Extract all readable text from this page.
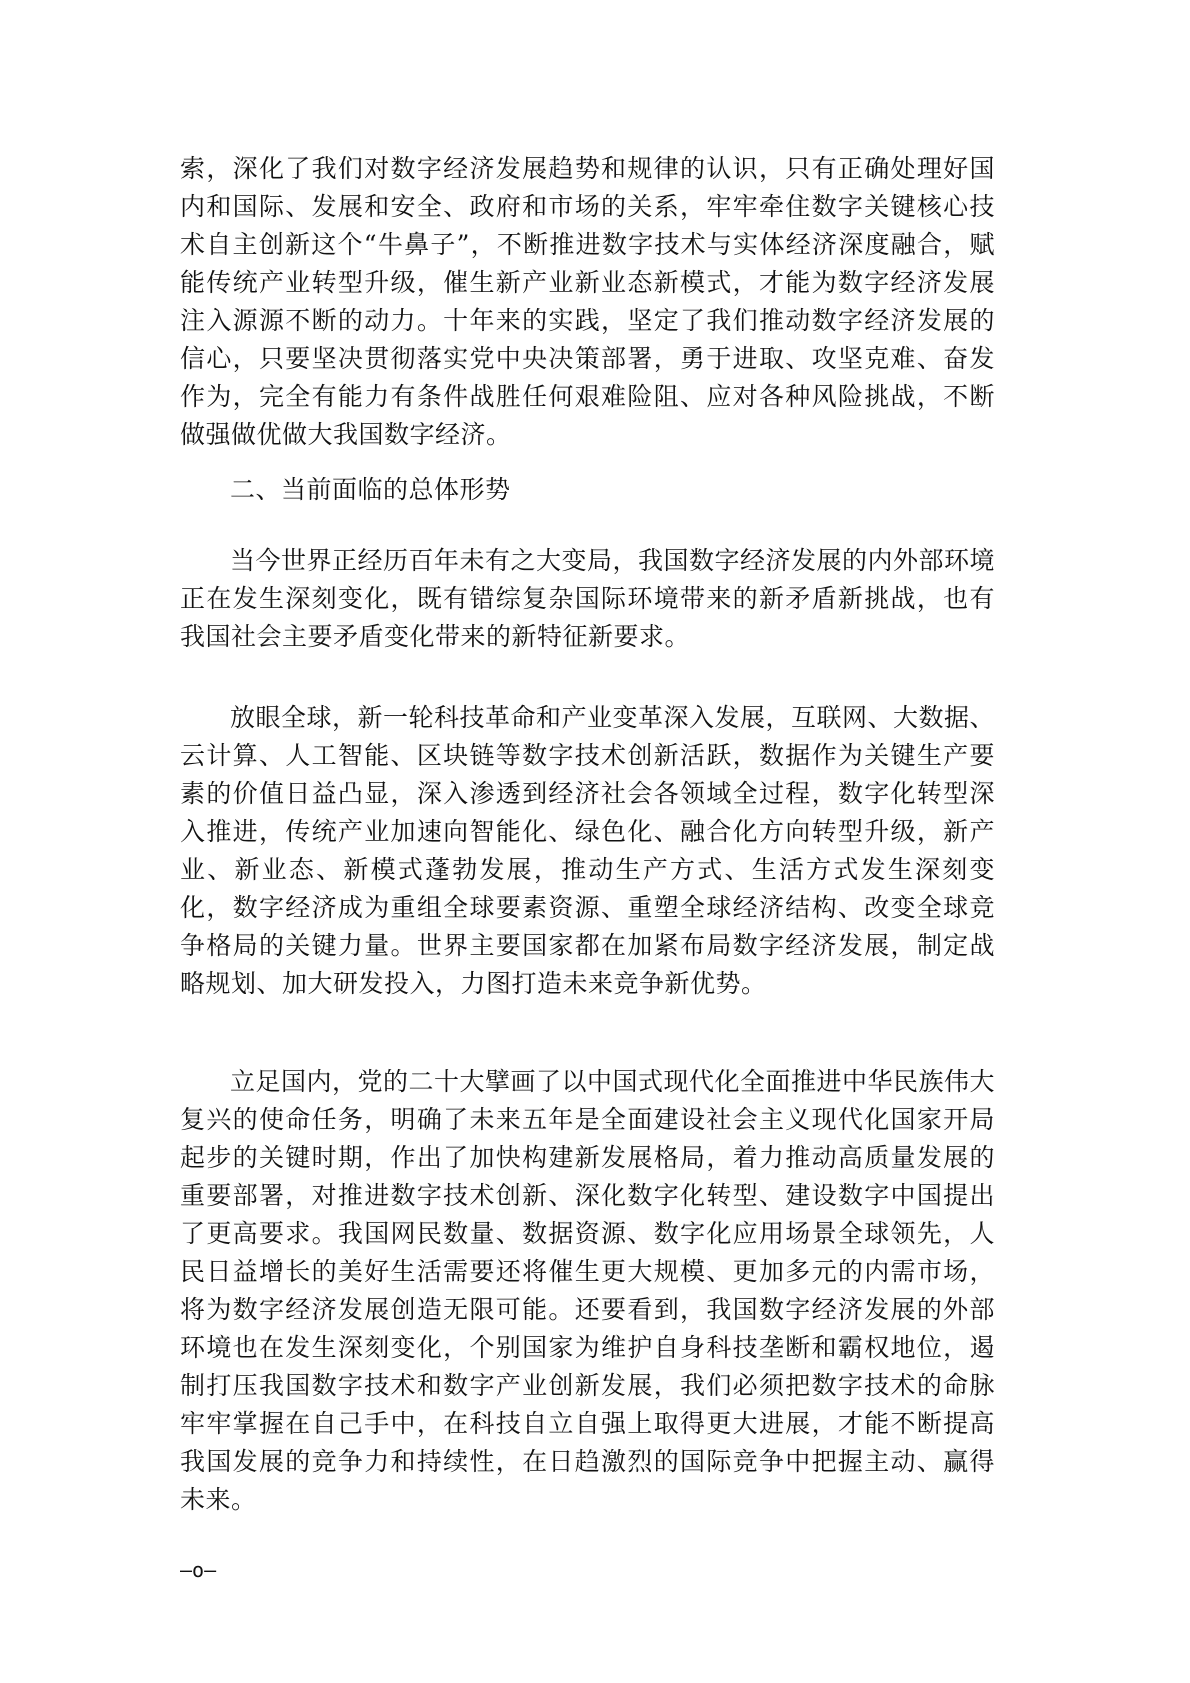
索，深化了我们对数字经济发展趋势和规律的认识，只有正确处理好国内和国际、发展和安全、政府和市场的关系，牢牢牵住数字关键核心技术自主创新这个“牛鼻子”，不断推进数字技术与实体经济深度融合，赋能传统产业转型升级，催生新产业新业态新模式，才能为数字经济发展注入源源不断的动力。十年来的实践，坚定了我们推动数字经济发展的信心，只要坚决贯彻落实党中央决策部署，勇于进取、攻坚克难、奋发作为，完全有能力有条件战胜任何艰难险阻、应对各种风险挑战，不断做强做优做大我国数字经济。

二、当前面临的总体形势

当今世界正经历百年未有之大变局，我国数字经济发展的内外部环境正在发生深刻变化，既有错综复杂国际环境带来的新矛盾新挑战，也有我国社会主要矛盾变化带来的新特征新要求。

放眼全球，新一轮科技革命和产业变革深入发展，互联网、大数据、云计算、人工智能、区块链等数字技术创新活跃，数据作为关键生产要素的价值日益凸显，深入渗透到经济社会各领域全过程，数字化转型深入推进，传统产业加速向智能化、绿色化、融合化方向转型升级，新产业、新业态、新模式蓬勃发展，推动生产方式、生活方式发生深刻变化，数字经济成为重组全球要素资源、重塑全球经济结构、改变全球竞争格局的关键力量。世界主要国家都在加紧布局数字经济发展，制定战略规划、加大研发投入，力图打造未来竞争新优势。

立足国内，党的二十大擘画了以中国式现代化全面推进中华民族伟大复兴的使命任务，明确了未来五年是全面建设社会主义现代化国家开局起步的关键时期，作出了加快构建新发展格局，着力推动高质量发展的重要部署，对推进数字技术创新、深化数字化转型、建设数字中国提出了更高要求。我国网民数量、数据资源、数字化应用场景全球领先，人民日益增长的美好生活需要还将催生更大规模、更加多元的内需市场，将为数字经济发展创造无限可能。还要看到，我国数字经济发展的外部环境也在发生深刻变化，个别国家为维护自身科技垄断和霸权地位，遏制打压我国数字技术和数字产业创新发展，我们必须把数字技术的命脉牢牢掌握在自己手中，在科技自立自强上取得更大进展，才能不断提高我国发展的竞争力和持续性，在日趋激烈的国际竞争中把握主动、赢得未来。

—о—
